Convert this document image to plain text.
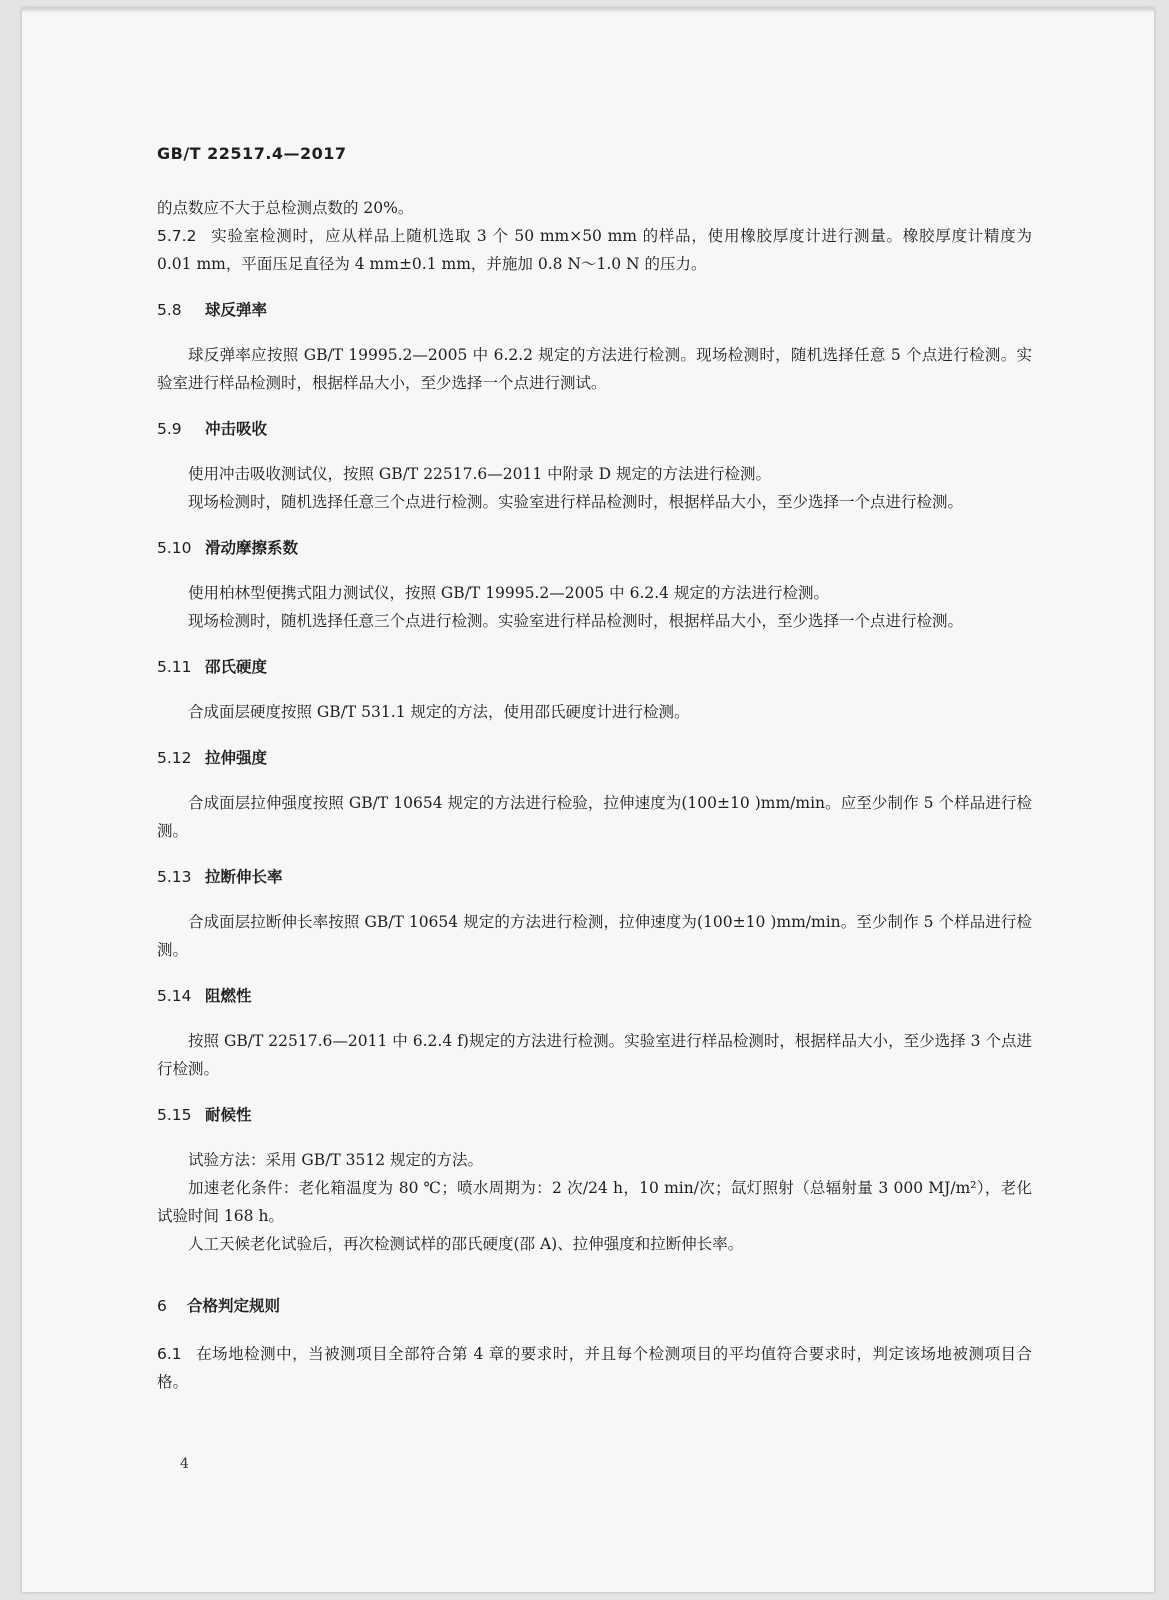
GB/T 22517.4—2017
的点数应不大于总检测点数的 20%。
5.7.2 实验室检测时，应从样品上随机选取 3 个 50 mm×50 mm 的样品，使用橡胶厚度计进行测量。橡胶厚度计精度为 0.01 mm，平面压足直径为 4 mm±0.1 mm，并施加 0.8 N～1.0 N 的压力。
5.8 球反弹率
球反弹率应按照 GB/T 19995.2—2005 中 6.2.2 规定的方法进行检测。现场检测时，随机选择任意 5 个点进行检测。实验室进行样品检测时，根据样品大小，至少选择一个点进行测试。
5.9 冲击吸收
使用冲击吸收测试仪，按照 GB/T 22517.6—2011 中附录 D 规定的方法进行检测。
现场检测时，随机选择任意三个点进行检测。实验室进行样品检测时，根据样品大小，至少选择一个点进行检测。
5.10 滑动摩擦系数
使用柏林型便携式阻力测试仪，按照 GB/T 19995.2—2005 中 6.2.4 规定的方法进行检测。
现场检测时，随机选择任意三个点进行检测。实验室进行样品检测时，根据样品大小，至少选择一个点进行检测。
5.11 邵氏硬度
合成面层硬度按照 GB/T 531.1 规定的方法，使用邵氏硬度计进行检测。
5.12 拉伸强度
合成面层拉伸强度按照 GB/T 10654 规定的方法进行检验，拉伸速度为(100±10 )mm/min。应至少制作 5 个样品进行检测。
5.13 拉断伸长率
合成面层拉断伸长率按照 GB/T 10654 规定的方法进行检测，拉伸速度为(100±10 )mm/min。至少制作 5 个样品进行检测。
5.14 阻燃性
按照 GB/T 22517.6—2011 中 6.2.4 f)规定的方法进行检测。实验室进行样品检测时，根据样品大小，至少选择 3 个点进行检测。
5.15 耐候性
试验方法：采用 GB/T 3512 规定的方法。
加速老化条件：老化箱温度为 80 ℃；喷水周期为：2 次/24 h，10 min/次；氙灯照射（总辐射量 3 000 MJ/m²），老化试验时间 168 h。
人工天候老化试验后，再次检测试样的邵氏硬度(邵 A)、拉伸强度和拉断伸长率。
6 合格判定规则
6.1 在场地检测中，当被测项目全部符合第 4 章的要求时，并且每个检测项目的平均值符合要求时，判定该场地被测项目合格。
4
